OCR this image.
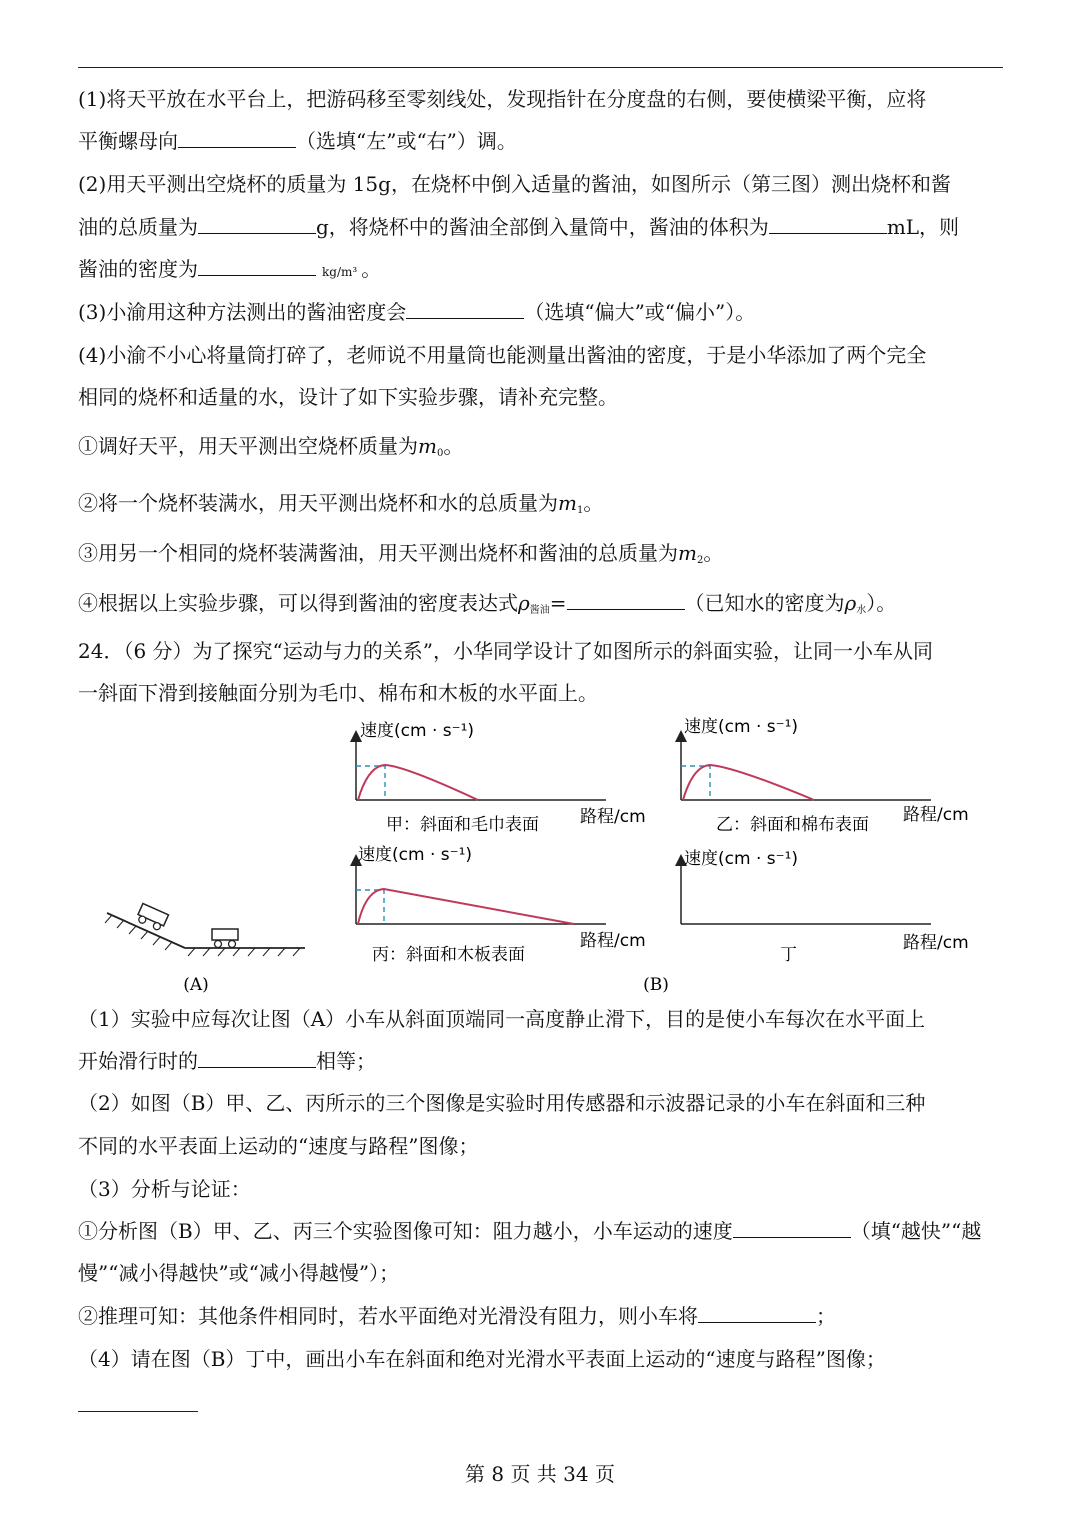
(1)将天平放在水平台上，把游码移至零刻线处，发现指针在分度盘的右侧，要使横梁平衡，应将
平衡螺母向	（选填“左”或“右”）调。
(2)用天平测出空烧杯的质量为 15g，在烧杯中倒入适量的酱油，如图所示（第三图）测出烧杯和酱
油的总质量为	g，将烧杯中的酱油全部倒入量筒中，酱油的体积为	mL，则
酱油的密度为	kg/m³ 。
(3)小渝用这种方法测出的酱油密度会	（选填“偏大”或“偏小”）。
(4)小渝不小心将量筒打碎了，老师说不用量筒也能测量出酱油的密度，于是小华添加了两个完全
相同的烧杯和适量的水，设计了如下实验步骤，请补充完整。
①调好天平，用天平测出空烧杯质量为$m_0$。
②将一个烧杯装满水，用天平测出烧杯和水的总质量为$m_1$。
③用另一个相同的烧杯装满酱油，用天平测出烧杯和酱油的总质量为$m_2$。
④根据以上实验步骤，可以得到酱油的密度表达式$\rho_{酱油}=$	（已知水的密度为$\rho_水$）。
24．（6 分）为了探究“运动与力的关系”，小华同学设计了如图所示的斜面实验，让同一小车从同
一斜面下滑到接触面分别为毛巾、棉布和木板的水平面上。
(A)
速度(cm · s⁻¹)
路程/cm
甲：斜面和毛巾表面
速度(cm · s⁻¹)
路程/cm
乙：斜面和棉布表面
速度(cm · s⁻¹)
路程/cm
丙：斜面和木板表面
速度(cm · s⁻¹)
路程/cm
丁
(B)
（1）实验中应每次让图（A）小车从斜面顶端同一高度静止滑下，目的是使小车每次在水平面上
开始滑行时的	相等；
（2）如图（B）甲、乙、丙所示的三个图像是实验时用传感器和示波器记录的小车在斜面和三种
不同的水平表面上运动的“速度与路程”图像；
（3）分析与论证：
①分析图（B）甲、乙、丙三个实验图像可知：阻力越小，小车运动的速度	（填“越快”“越
慢”“减小得越快”或“减小得越慢”）；
②推理可知：其他条件相同时，若水平面绝对光滑没有阻力，则小车将	；
（4）请在图（B）丁中，画出小车在斜面和绝对光滑水平表面上运动的“速度与路程”图像；
第 8 页 共 34 页
